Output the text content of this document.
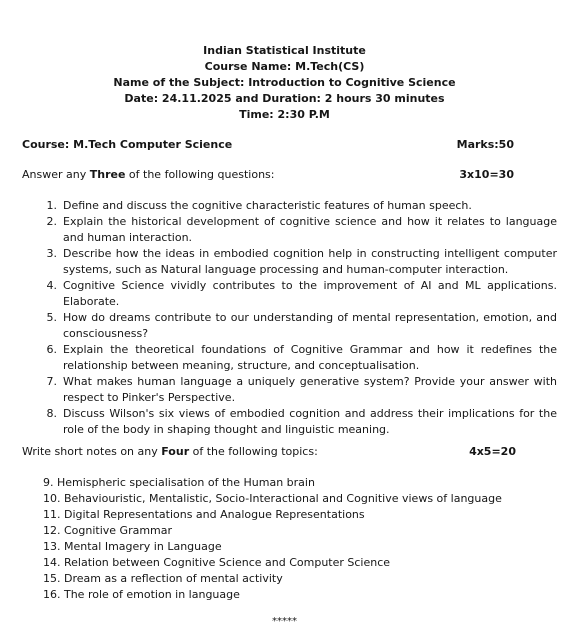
Indian Statistical Institute
Course Name: M.Tech(CS)
Name of the Subject: Introduction to Cognitive Science
Date: 24.11.2025 and Duration: 2 hours 30 minutes
Time: 2:30 P.M
Course: M.Tech Computer Science	Marks:50
Answer any Three of the following questions:	3x10=30
1. Define and discuss the cognitive characteristic features of human speech.
2. Explain the historical development of cognitive science and how it relates to language and human interaction.
3. Describe how the ideas in embodied cognition help in constructing intelligent computer systems, such as Natural language processing and human-computer interaction.
4. Cognitive Science vividly contributes to the improvement of AI and ML applications. Elaborate.
5. How do dreams contribute to our understanding of mental representation, emotion, and consciousness?
6. Explain the theoretical foundations of Cognitive Grammar and how it redefines the relationship between meaning, structure, and conceptualisation.
7. What makes human language a uniquely generative system? Provide your answer with respect to Pinker's Perspective.
8. Discuss Wilson's six views of embodied cognition and address their implications for the role of the body in shaping thought and linguistic meaning.
Write short notes on any Four of the following topics:	4x5=20
9. Hemispheric specialisation of the Human brain
10. Behaviouristic, Mentalistic, Socio-Interactional and Cognitive views of language
11. Digital Representations and Analogue Representations
12. Cognitive Grammar
13. Mental Imagery in Language
14. Relation between Cognitive Science and Computer Science
15. Dream as a reflection of mental activity
16. The role of emotion in language
*****
